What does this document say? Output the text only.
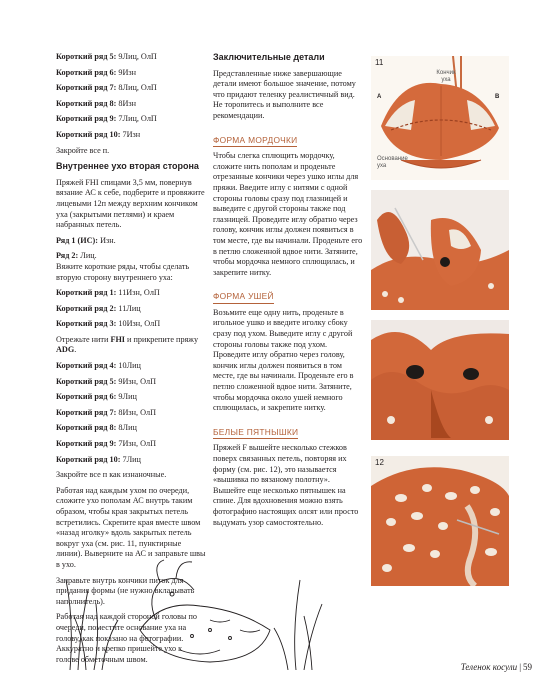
Короткий ряд 5: 9Лиц, ОлП

Короткий ряд 6: 9Изн

Короткий ряд 7: 8Лиц, ОлП

Короткий ряд 8: 8Изн

Короткий ряд 9: 7Лиц, ОлП

Короткий ряд 10: 7Изн

Закройте все п.

Внутреннее ухо вторая сторона

Пряжей FHI спицами 3,5 мм, повернув вязание АС к себе, подберите и провяжите лицевыми 12п между верхним кончиком уха (закрытыми петлями) и краем набранных петель.

Ряд 1 (ИС): Изн.

Ряд 2: Лиц.

Вяжите короткие ряды, чтобы сделать вторую сторону внутреннего уха:

Короткий ряд 1: 11Изн, ОлП

Короткий ряд 2: 11Лиц

Короткий ряд 3: 10Изн, ОлП

Отрежьте нити FHI и прикрепите пряжу ADG.

Короткий ряд 4: 10Лиц

Короткий ряд 5: 9Изн, ОлП

Короткий ряд 6: 9Лиц

Короткий ряд 7: 8Изн, ОлП

Короткий ряд 8: 8Лиц

Короткий ряд 9: 7Изн, ОлП

Короткий ряд 10: 7Лиц

Закройте все п как изнаночные.

Работая над каждым ухом по очереди, сложите ухо пополам АС внутрь таким образом, чтобы края закрытых петель встретились. Скрепите края вместе швом «назад иголку» вдоль закрытых петель вокруг уха (см. рис. 11, пунктирные линии). Выверните на АС и заправьте швы в ухо.

Заправьте внутрь кончики питок для придания формы (не нужно вкладывать наполнитель).

Работая над каждой стороной головы по очереди, поместите основание уха на голову, как показано на фотографии. Аккуратно и крепко пришейте ухо к голове обметочным швом.

Заключительные детали

Представленные ниже завершающие детали имеют большое значение, потому что придают теленку реалистичный вид. Не торопитесь и выполните все рекомендации.

ФОРМА МОРДОЧКИ

Чтобы слегка сплющить мордочку, сложите нить пополам и проденьте отрезанные кончики через ушко иглы для пряжи. Введите иглу с нитями с одной стороны головы сразу под глазницей и выведите с другой стороны также под глазницей. Проведите иглу обратно через голову, кончик иглы должен появиться в том месте, где вы начинали. Проденьте его в петлю сложенной вдвое нити. Затяните, чтобы мордочка немного сплющилась, и закрепите нитку.

ФОРМА УШЕЙ

Возьмите еще одну нить, проденьте в игольное ушко и введите иголку сбоку сразу под ухом. Выведите иглу с другой стороны головы также под ухом. Проведите иглу обратно через голову, кончик иглы должен появиться в том месте, где вы начинали. Проденьте его в петлю сложенной вдвое нити. Затяните, чтобы мордочка около ушей немного сплющилась, и закрепите нитку.

БЕЛЫЕ ПЯТНЫШКИ

Пряжей F вышейте несколько стежков поверх связанных петель, повторяя их форму (см. рис. 12), это называется «вышивка по вязаному полотну». Вышейте еще несколько пятнышек на спине. Для вдохновения можно взять фотографию настоящих олсят или просто выдумать узор самостоятельно.

11
Кончик уха
A	B
Основание уха
12
Теленок косули | 59
